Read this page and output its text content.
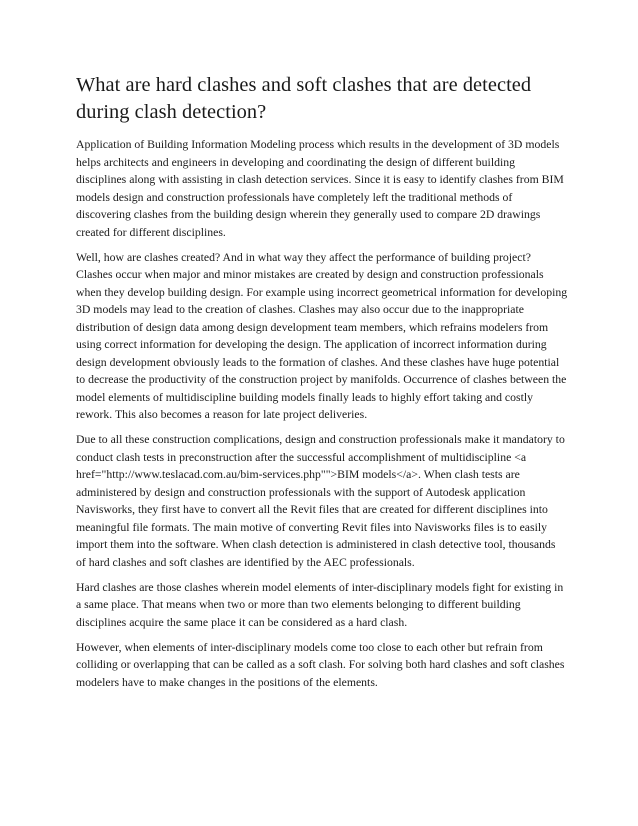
What are hard clashes and soft clashes that are detected during clash detection?

Application of Building Information Modeling process which results in the development of 3D models helps architects and engineers in developing and coordinating the design of different building disciplines along with assisting in clash detection services. Since it is easy to identify clashes from BIM models design and construction professionals have completely left the traditional methods of discovering clashes from the building design wherein they generally used to compare 2D drawings created for different disciplines.

Well, how are clashes created? And in what way they affect the performance of building project? Clashes occur when major and minor mistakes are created by design and construction professionals when they develop building design. For example using incorrect geometrical information for developing 3D models may lead to the creation of clashes. Clashes may also occur due to the inappropriate distribution of design data among design development team members, which refrains modelers from using correct information for developing the design. The application of incorrect information during design development obviously leads to the formation of clashes. And these clashes have huge potential to decrease the productivity of the construction project by manifolds. Occurrence of clashes between the model elements of multidiscipline building models finally leads to highly effort taking and costly rework. This also becomes a reason for late project deliveries.

Due to all these construction complications, design and construction professionals make it mandatory to conduct clash tests in preconstruction after the successful accomplishment of multidiscipline <a href="http://www.teslacad.com.au/bim-services.php"">BIM models</a>. When clash tests are administered by design and construction professionals with the support of Autodesk application Navisworks, they first have to convert all the Revit files that are created for different disciplines into meaningful file formats. The main motive of converting Revit files into Navisworks files is to easily import them into the software. When clash detection is administered in clash detective tool, thousands of hard clashes and soft clashes are identified by the AEC professionals.

Hard clashes are those clashes wherein model elements of inter-disciplinary models fight for existing in a same place. That means when two or more than two elements belonging to different building disciplines acquire the same place it can be considered as a hard clash.

However, when elements of inter-disciplinary models come too close to each other but refrain from colliding or overlapping that can be called as a soft clash. For solving both hard clashes and soft clashes modelers have to make changes in the positions of the elements.
